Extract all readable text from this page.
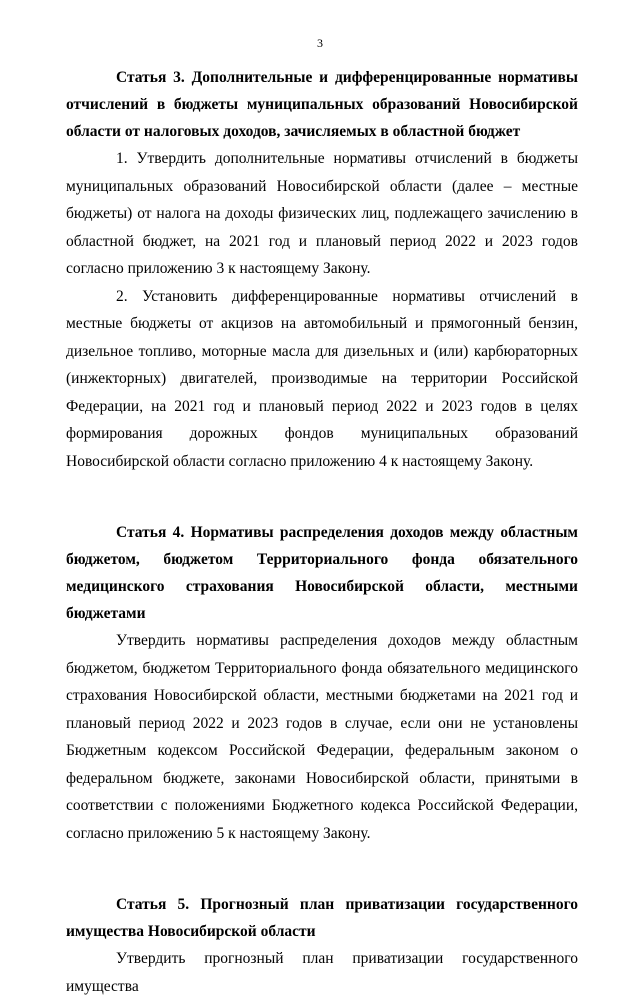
3

Статья 3. Дополнительные и дифференцированные нормативы отчислений в бюджеты муниципальных образований Новосибирской области от налоговых доходов, зачисляемых в областной бюджет

1. Утвердить дополнительные нормативы отчислений в бюджеты муниципальных образований Новосибирской области (далее – местные бюджеты) от налога на доходы физических лиц, подлежащего зачислению в областной бюджет, на 2021 год и плановый период 2022 и 2023 годов согласно приложению 3 к настоящему Закону.

2. Установить дифференцированные нормативы отчислений в местные бюджеты от акцизов на автомобильный и прямогонный бензин, дизельное топливо, моторные масла для дизельных и (или) карбюраторных (инжекторных) двигателей, производимые на территории Российской Федерации, на 2021 год и плановый период 2022 и 2023 годов в целях формирования дорожных фондов муниципальных образований Новосибирской области согласно приложению 4 к настоящему Закону.

Статья 4. Нормативы распределения доходов между областным бюджетом, бюджетом Территориального фонда обязательного медицинского страхования Новосибирской области, местными бюджетами

Утвердить нормативы распределения доходов между областным бюджетом, бюджетом Территориального фонда обязательного медицинского страхования Новосибирской области, местными бюджетами на 2021 год и плановый период 2022 и 2023 годов в случае, если они не установлены Бюджетным кодексом Российской Федерации, федеральным законом о федеральном бюджете, законами Новосибирской области, принятыми в соответствии с положениями Бюджетного кодекса Российской Федерации, согласно приложению 5 к настоящему Закону.

Статья 5. Прогнозный план приватизации государственного имущества Новосибирской области

Утвердить прогнозный план приватизации государственного имущества
